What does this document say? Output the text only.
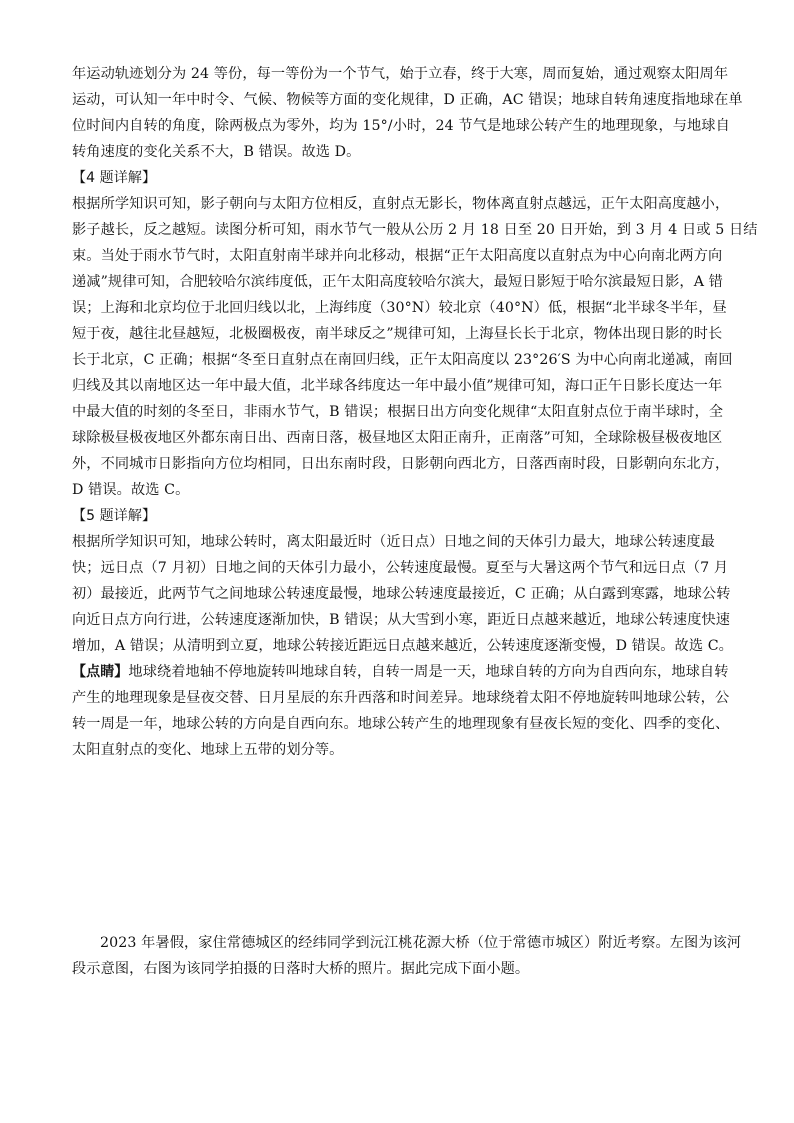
年运动轨迹划分为 24 等份，每一等份为一个节气，始于立春，终于大寒，周而复始，通过观察太阳周年
运动，可认知一年中时令、气候、物候等方面的变化规律，D 正确，AC 错误；地球自转角速度指地球在单
位时间内自转的角度，除两极点为零外，均为 15°/小时，24 节气是地球公转产生的地理现象，与地球自
转角速度的变化关系不大，B 错误。故选 D。
【4 题详解】
根据所学知识可知，影子朝向与太阳方位相反，直射点无影长，物体离直射点越远，正午太阳高度越小，
影子越长，反之越短。读图分析可知，雨水节气一般从公历 2 月 18 日至 20 日开始，到 3 月 4 日或 5 日结
束。当处于雨水节气时，太阳直射南半球并向北移动，根据“正午太阳高度以直射点为中心向南北两方向
递减”规律可知，合肥较哈尔滨纬度低，正午太阳高度较哈尔滨大，最短日影短于哈尔滨最短日影，A 错
误；上海和北京均位于北回归线以北，上海纬度（30°N）较北京（40°N）低，根据“北半球冬半年，昼
短于夜，越往北昼越短，北极圈极夜，南半球反之”规律可知，上海昼长长于北京，物体出现日影的时长
长于北京，C 正确；根据“冬至日直射点在南回归线，正午太阳高度以 23°26′S 为中心向南北递减，南回
归线及其以南地区达一年中最大值，北半球各纬度达一年中最小值”规律可知，海口正午日影长度达一年
中最大值的时刻的冬至日，非雨水节气，B 错误；根据日出方向变化规律“太阳直射点位于南半球时，全
球除极昼极夜地区外都东南日出、西南日落，极昼地区太阳正南升，正南落”可知，全球除极昼极夜地区
外，不同城市日影指向方位均相同，日出东南时段，日影朝向西北方，日落西南时段，日影朝向东北方，
D 错误。故选 C。
【5 题详解】
根据所学知识可知，地球公转时，离太阳最近时（近日点）日地之间的天体引力最大，地球公转速度最
快；远日点（7 月初）日地之间的天体引力最小，公转速度最慢。夏至与大暑这两个节气和远日点（7 月
初）最接近，此两节气之间地球公转速度最慢，地球公转速度最接近，C 正确；从白露到寒露，地球公转
向近日点方向行进，公转速度逐渐加快，B 错误；从大雪到小寒，距近日点越来越近，地球公转速度快速
增加，A 错误；从清明到立夏，地球公转接近距远日点越来越近，公转速度逐渐变慢，D 错误。故选 C。
【点睛】地球绕着地轴不停地旋转叫地球自转，自转一周是一天，地球自转的方向为自西向东，地球自转
产生的地理现象是昼夜交替、日月星辰的东升西落和时间差异。地球绕着太阳不停地旋转叫地球公转，公
转一周是一年，地球公转的方向是自西向东。地球公转产生的地理现象有昼夜长短的变化、四季的变化、
太阳直射点的变化、地球上五带的划分等。
2023 年暑假，家住常德城区的经纬同学到沅江桃花源大桥（位于常德市城区）附近考察。左图为该河
段示意图，右图为该同学拍摄的日落时大桥的照片。据此完成下面小题。
